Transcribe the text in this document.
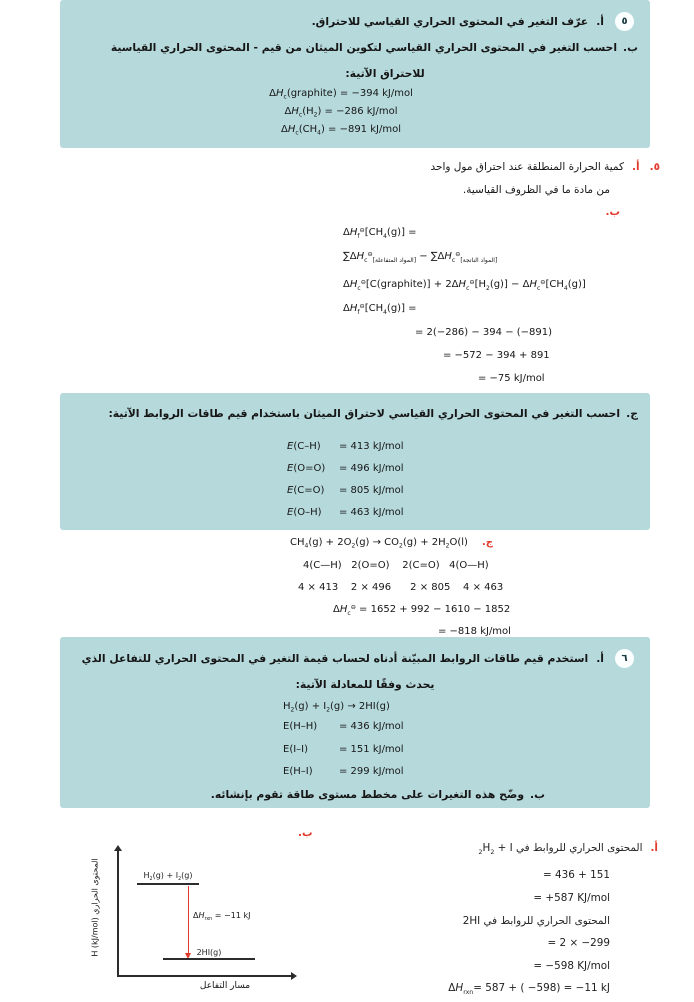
٥
أ.عرّف التغير في المحتوى الحراري القياسي للاحتراق.
ب.احسب التغير في المحتوى الحراري القياسي لتكوين الميثان من قيم - المحتوى الحراري القياسية
للاحتراق الآتية:
$\Delta H_c(graphite) = -394$ kJ/mol
$\Delta H_c(H_2) = -286$ kJ/mol
$\Delta H_c(CH_4) = -891$ kJ/mol
٥.أ.كمية الحرارة المنطلقة عند احتراق مول واحد
من مادة ما في الظروف القياسية.
ب.
$\Delta H_f^⊖[CH_4(g)]$ =
$\sum\Delta H_c^⊖_{[المواد المتفاعلة]} - \sum\Delta H_c^⊖_{[المواد الناتجة]}$
$\Delta H_c^⊖[C(graphite)] + 2\Delta H_c^⊖[H_2(g)] - \Delta H_c^⊖[CH_4(g)]$
$\Delta H_f^⊖[CH_4(g)]$ =
= 2(−286) − 394 − (−891)
= −572 − 394 + 891
= −75 kJ/mol
ج.احسب التغير في المحتوى الحراري القياسي لاحتراق الميثان باستخدام قيم طاقات الروابط الآتية:
E(C–H) = 413 kJ/mol
E(O=O) = 496 kJ/mol
E(C=O) = 805 kJ/mol
E(O–H) = 463 kJ/mol
$CH_4(g) + 2O_2(g) \to CO_2(g) + 2H_2O(l)$ ج.
4(C—H)   2(O=O)    2(C=O)   4(O—H)
4 × 413    2 × 496      2 × 805    4 × 463
$\Delta H_c^⊖ = 1652 + 992 - 1610 - 1852$
= −818 kJ/mol
٦
أ.استخدم قيم طاقات الروابط المبيّنة أدناه لحساب قيمة التغير في المحتوى الحراري للتفاعل الذي
يحدث وفقًا للمعادلة الآتية:
$H_2(g) + I_2(g) \to 2HI(g)$
E(H–H) = 436 kJ/mol
E(I–I)	= 151 kJ/mol
E(H–I)	= 299 kJ/mol
ب.وضّح هذه التغيرات على مخطط مستوى طاقة تقوم بإنشائه.
أ.المحتوى الحراري للروابط في $H_2 + I_2$
= 436 + 151
= +587 KJ/mol
المحتوى الحراري للروابط في 2HI
= 2 × −299
= −598 KJ/mol
$\Delta H_{rxn}= 587$ + ( −598) = −11 kJ
ب.
المحتوى الحراري H (kJ/mol)	$H_2(g) + I_2(g)$
$\Delta H_{rxn} = -11$ kJ
2HI(g)
مسار التفاعل
